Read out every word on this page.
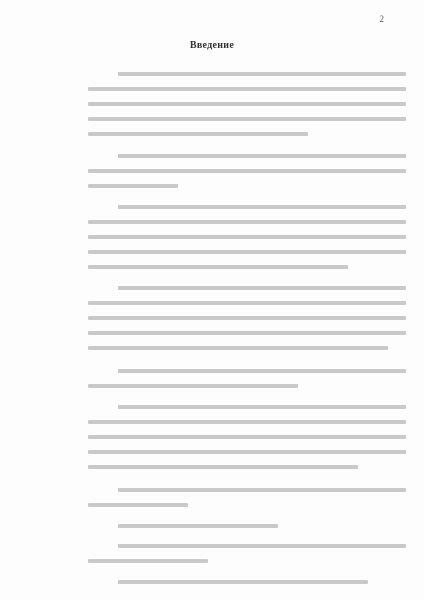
2
Введение
